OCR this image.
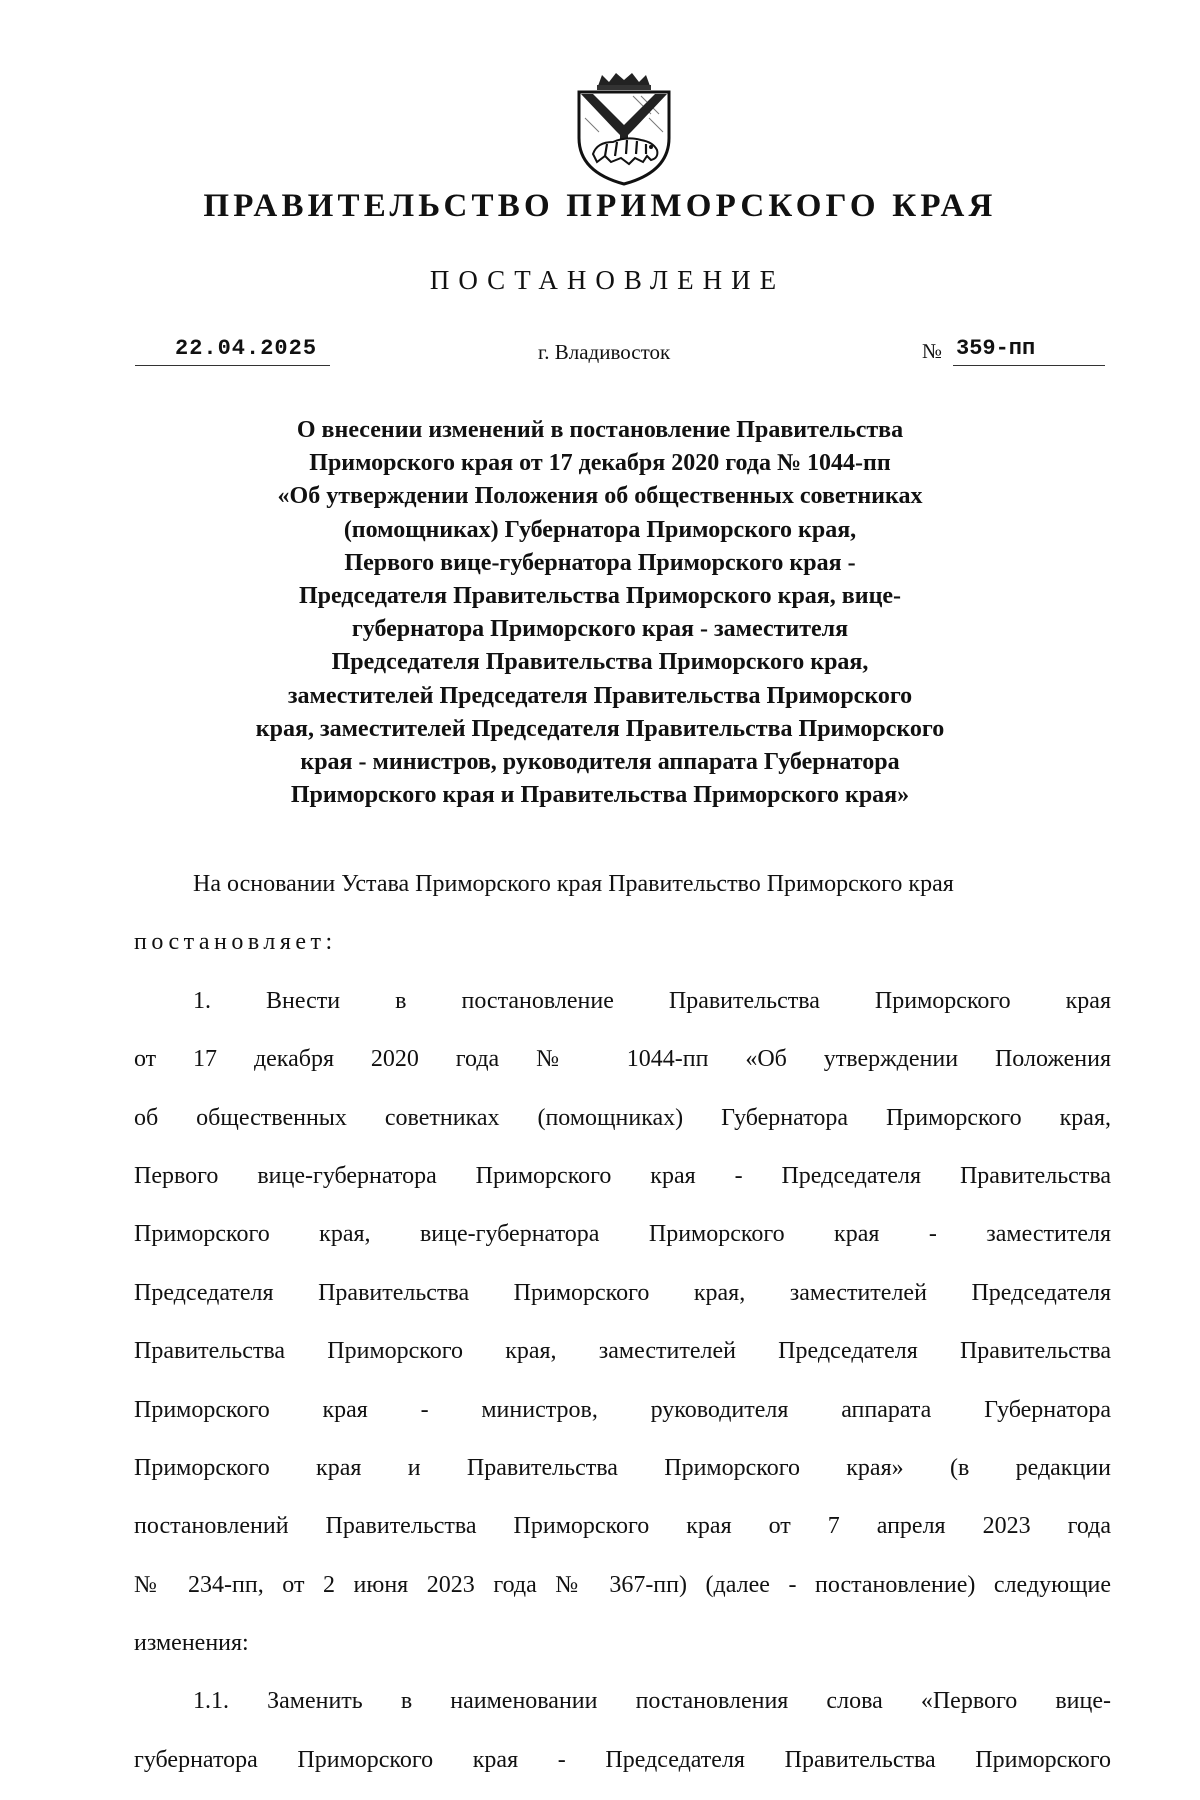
ПРАВИТЕЛЬСТВО ПРИМОРСКОГО КРАЯ
ПОСТАНОВЛЕНИЕ
22.04.2025	г. Владивосток	№ 359-пп
О внесении изменений в постановление Правительства
Приморского края от 17 декабря 2020 года № 1044-пп
«Об утверждении Положения об общественных советниках
(помощниках) Губернатора Приморского края,
Первого вице-губернатора Приморского края -
Председателя Правительства Приморского края, вице-
губернатора Приморского края - заместителя
Председателя Правительства Приморского края,
заместителей Председателя Правительства Приморского
края, заместителей Председателя Правительства Приморского
края - министров, руководителя аппарата Губернатора
Приморского края и Правительства Приморского края»
На основании Устава Приморского края Правительство Приморского края
постановляет:
1. Внести в постановление Правительства Приморского края
от 17 декабря 2020 года № 1044-пп «Об утверждении Положения
об общественных советниках (помощниках) Губернатора Приморского края,
Первого вице-губернатора Приморского края - Председателя Правительства
Приморского края, вице-губернатора Приморского края - заместителя
Председателя Правительства Приморского края, заместителей Председателя
Правительства Приморского края, заместителей Председателя Правительства
Приморского края - министров, руководителя аппарата Губернатора
Приморского края и Правительства Приморского края» (в редакции
постановлений Правительства Приморского края от 7 апреля 2023 года
№ 234-пп, от 2 июня 2023 года № 367-пп) (далее - постановление) следующие
изменения:
1.1. Заменить в наименовании постановления слова «Первого вице-
губернатора Приморского края - Председателя Правительства Приморского
